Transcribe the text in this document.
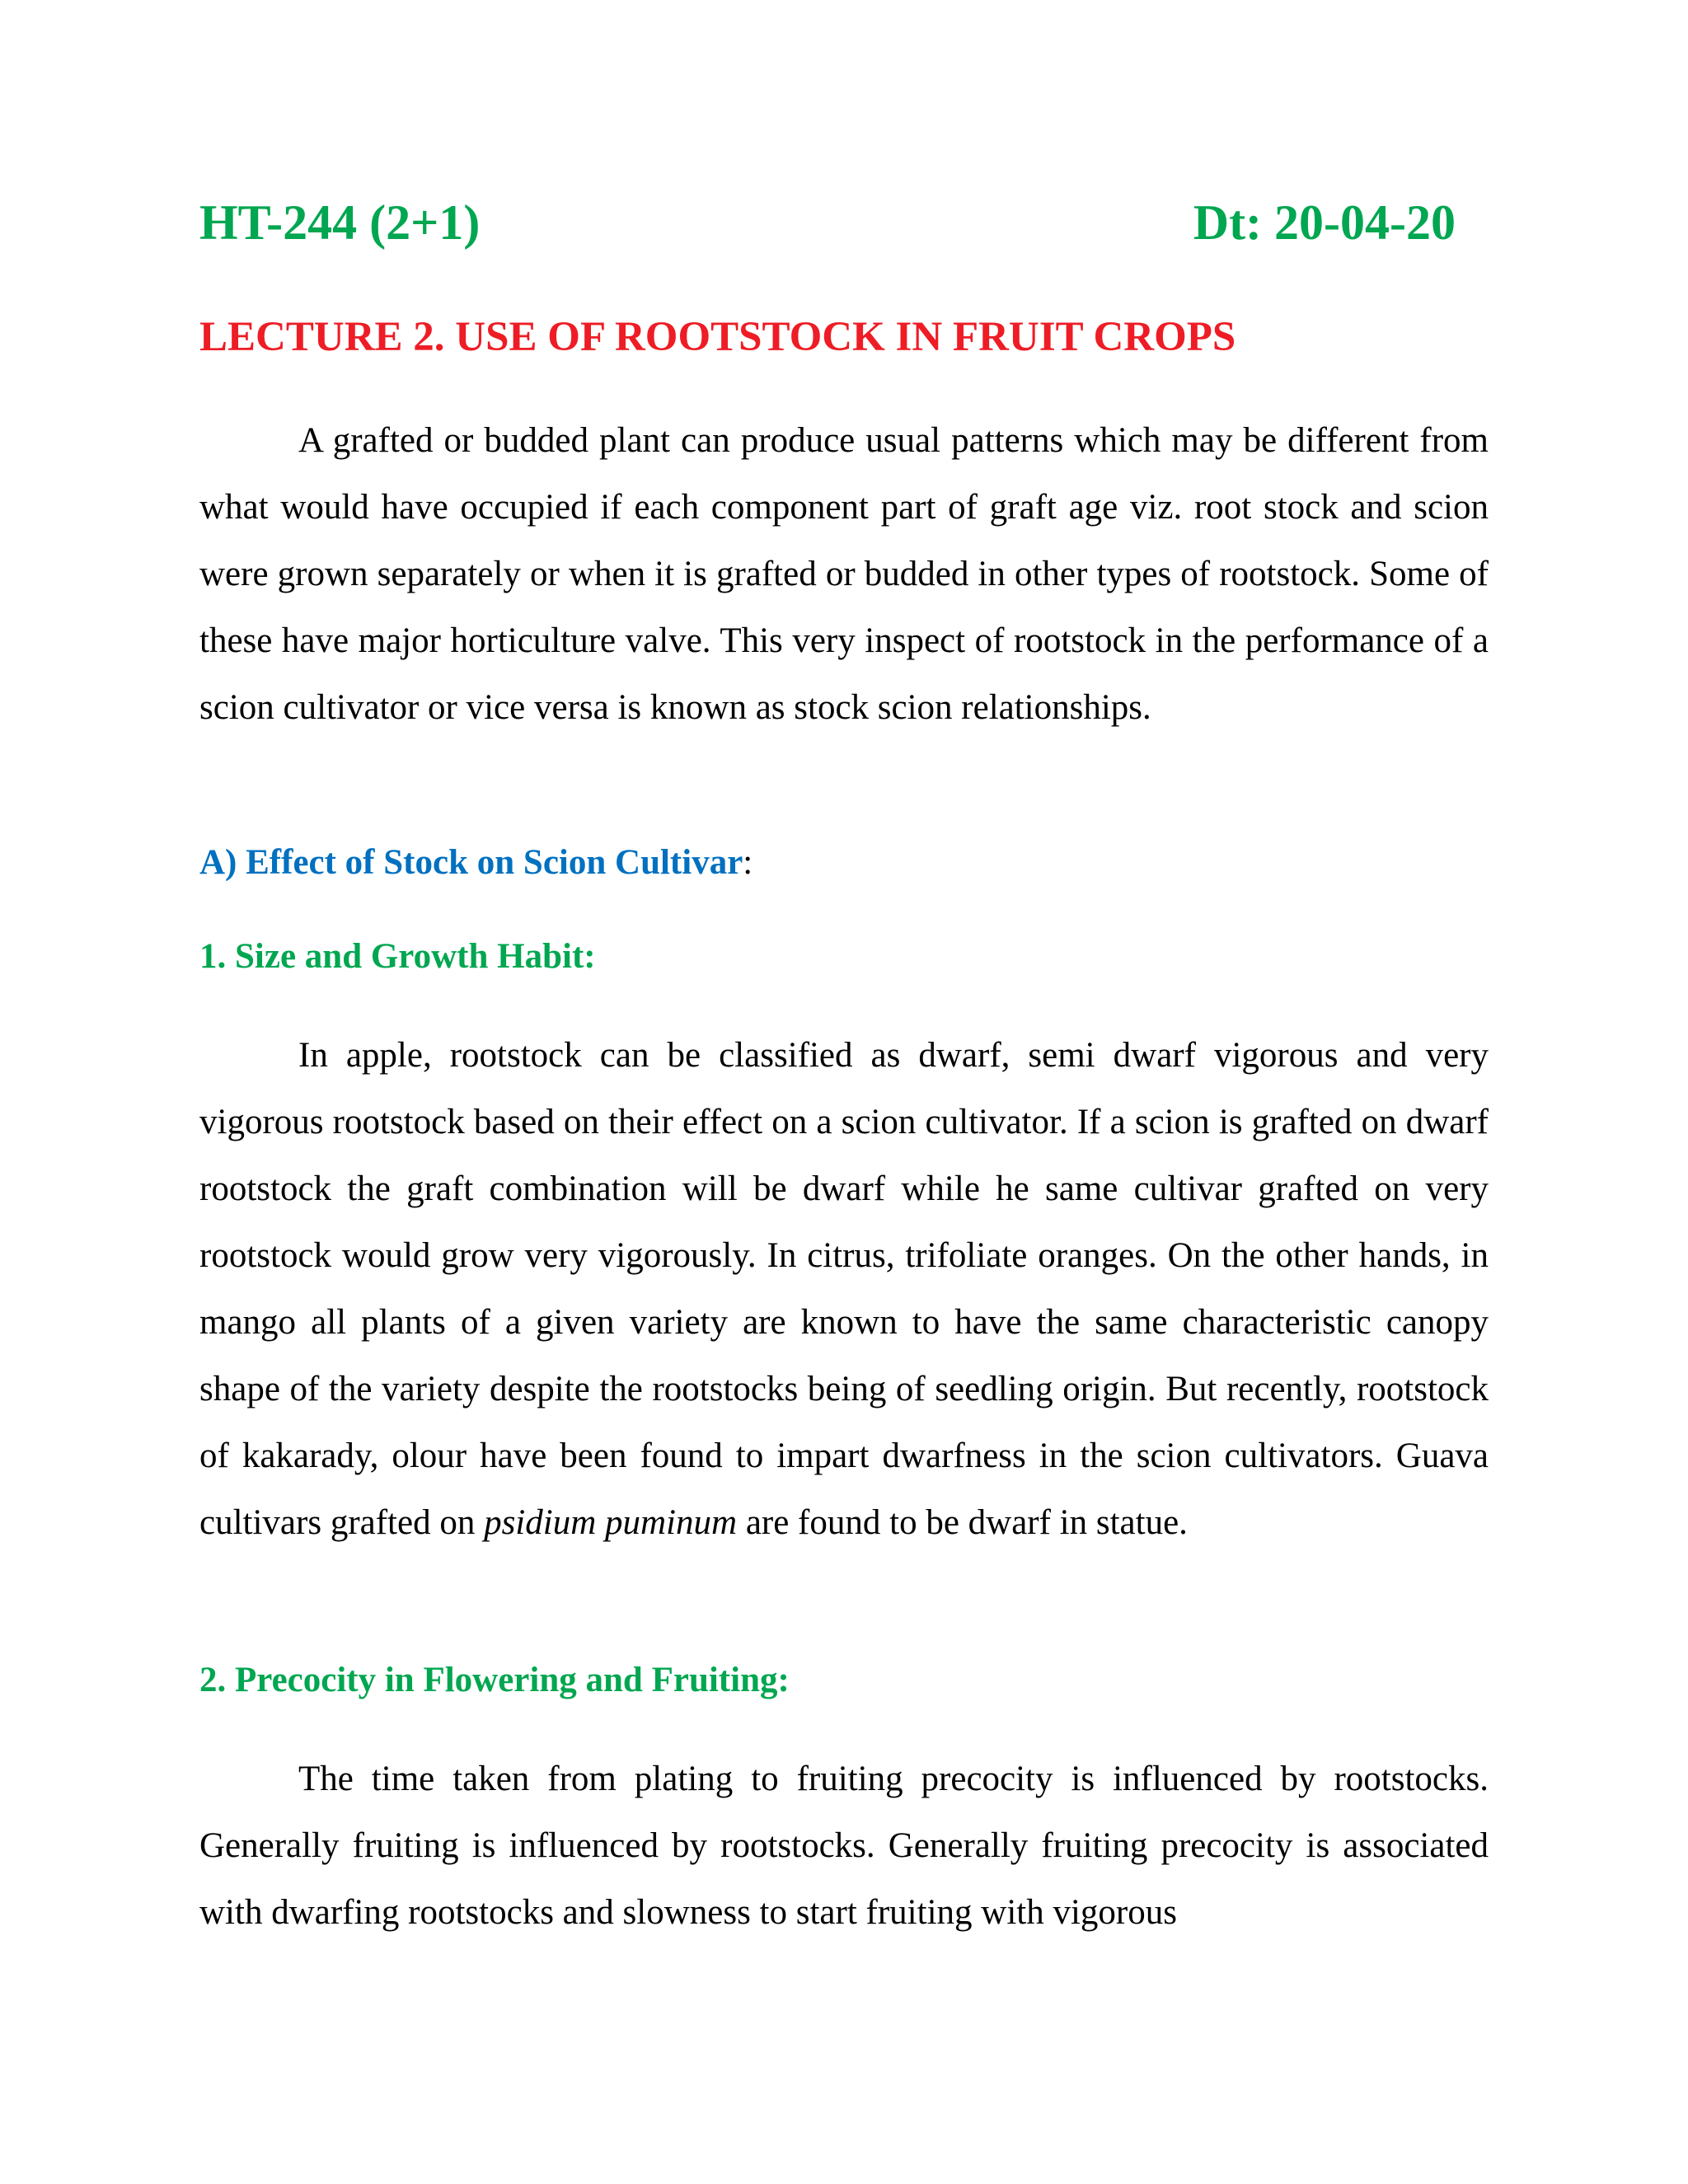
HT-244 (2+1)	Dt: 20-04-20
LECTURE 2. USE OF ROOTSTOCK IN FRUIT CROPS

A grafted or budded plant can produce usual patterns which may be different from what would have occupied if each component part of graft age viz. root stock and scion were grown separately or when it is grafted or budded in other types of rootstock. Some of these have major horticulture valve. This very inspect of rootstock in the performance of a scion cultivator or vice versa is known as stock scion relationships.

A) Effect of Stock on Scion Cultivar:
1. Size and Growth Habit:

In apple, rootstock can be classified as dwarf, semi dwarf vigorous and very vigorous rootstock based on their effect on a scion cultivator. If a scion is grafted on dwarf rootstock the graft combination will be dwarf while he same cultivar grafted on very rootstock would grow very vigorously. In citrus, trifoliate oranges. On the other hands, in mango all plants of a given variety are known to have the same characteristic canopy shape of the variety despite the rootstocks being of seedling origin. But recently, rootstock of kakarady, olour have been found to impart dwarfness in the scion cultivators. Guava cultivars grafted on psidium puminum are found to be dwarf in statue.

2. Precocity in Flowering and Fruiting:

The time taken from plating to fruiting precocity is influenced by rootstocks. Generally fruiting is influenced by rootstocks. Generally fruiting precocity is associated with dwarfing rootstocks and slowness to start fruiting with vigorous
